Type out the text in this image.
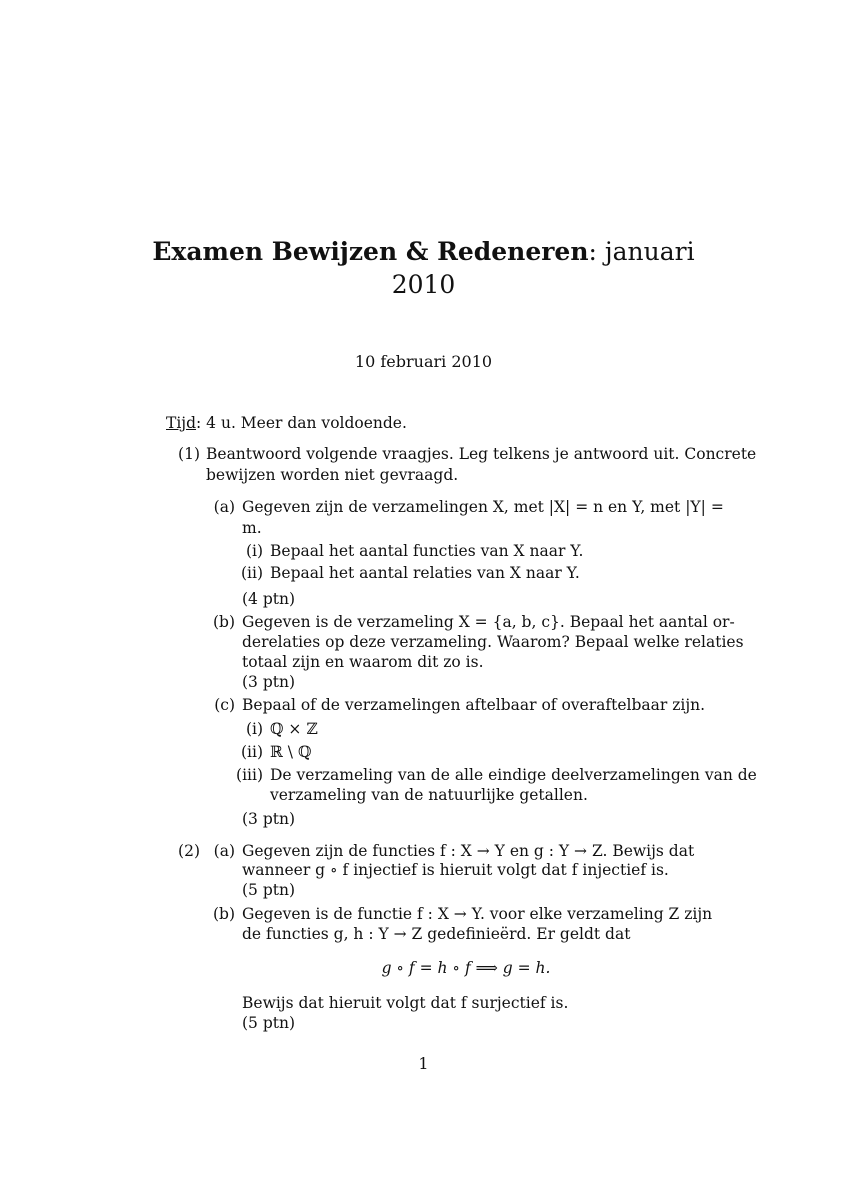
Examen Bewijzen & Redeneren: januari
2010
10 februari 2010
Tijd: 4 u. Meer dan voldoende.
(1) Beantwoord volgende vraagjes. Leg telkens je antwoord uit. Concrete
bewijzen worden niet gevraagd.
(a) Gegeven zijn de verzamelingen X, met |X| = n en Y, met |Y| =
m.
(i) Bepaal het aantal functies van X naar Y.
(ii) Bepaal het aantal relaties van X naar Y.
(4 ptn)
(b) Gegeven is de verzameling X = {a, b, c}. Bepaal het aantal or-
derelaties op deze verzameling. Waarom? Bepaal welke relaties
totaal zijn en waarom dit zo is.
(3 ptn)
(c) Bepaal of de verzamelingen aftelbaar of overaftelbaar zijn.
(i) ℚ × ℤ
(ii) ℝ \ ℚ
(iii) De verzameling van de alle eindige deelverzamelingen van de
verzameling van de natuurlijke getallen.
(3 ptn)
(2) (a) Gegeven zijn de functies f : X → Y en g : Y → Z. Bewijs dat
wanneer g ∘ f injectief is hieruit volgt dat f injectief is.
(5 ptn)
(b) Gegeven is de functie f : X → Y. voor elke verzameling Z zijn
de functies g, h : Y → Z gedefinieërd. Er geldt dat
g ∘ f = h ∘ f ⟹ g = h.
Bewijs dat hieruit volgt dat f surjectief is.
(5 ptn)
1
